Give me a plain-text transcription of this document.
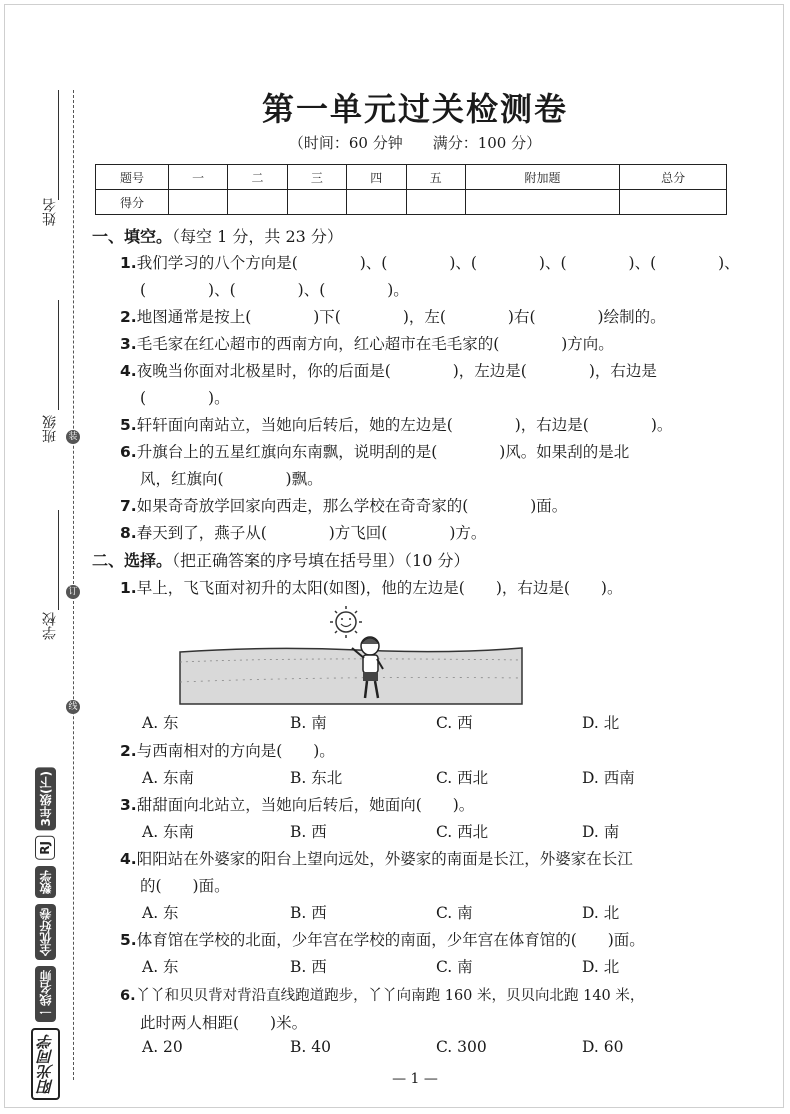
姓名
班级
学校
装
订
线
阳光同学
一线名师
全优好卷
数学
RJ
3年级(下)
第一单元过关检测卷
（时间：60 分钟　　满分：100 分）
题号	一	二	三	四	五	附加题	总分
得分							
一、填空。（每空 1 分，共 23 分）
1.我们学习的八个方向是(　　　　)、(　　　　)、(　　　　)、(　　　　)、(　　　　)、
(　　　　)、(　　　　)、(　　　　)。
2.地图通常是按上(　　　　)下(　　　　)，左(　　　　)右(　　　　)绘制的。
3.毛毛家在红心超市的西南方向，红心超市在毛毛家的(　　　　)方向。
4.夜晚当你面对北极星时，你的后面是(　　　　)，左边是(　　　　)，右边是
(　　　　)。
5.轩轩面向南站立，当她向后转后，她的左边是(　　　　)，右边是(　　　　)。
6.升旗台上的五星红旗向东南飘，说明刮的是(　　　　)风。如果刮的是北
风，红旗向(　　　　)飘。
7.如果奇奇放学回家向西走，那么学校在奇奇家的(　　　　)面。
8.春天到了，燕子从(　　　　)方飞回(　　　　)方。
二、选择。（把正确答案的序号填在括号里）（10 分）
1.早上，飞飞面对初升的太阳(如图)，他的左边是(　　)，右边是(　　)。
A. 东	B. 南	C. 西	D. 北
2.与西南相对的方向是(　　)。
A. 东南	B. 东北	C. 西北	D. 西南
3.甜甜面向北站立，当她向后转后，她面向(　　)。
A. 东南	B. 西	C. 西北	D. 南
4.阳阳站在外婆家的阳台上望向远处，外婆家的南面是长江，外婆家在长江
的(　　)面。
A. 东	B. 西	C. 南	D. 北
5.体育馆在学校的北面，少年宫在学校的南面，少年宫在体育馆的(　　)面。
A. 东	B. 西	C. 南	D. 北
6.丫丫和贝贝背对背沿直线跑道跑步，丫丫向南跑 160 米，贝贝向北跑 140 米，
此时两人相距(　　)米。
A. 20	B. 40	C. 300	D. 60
— 1 —
